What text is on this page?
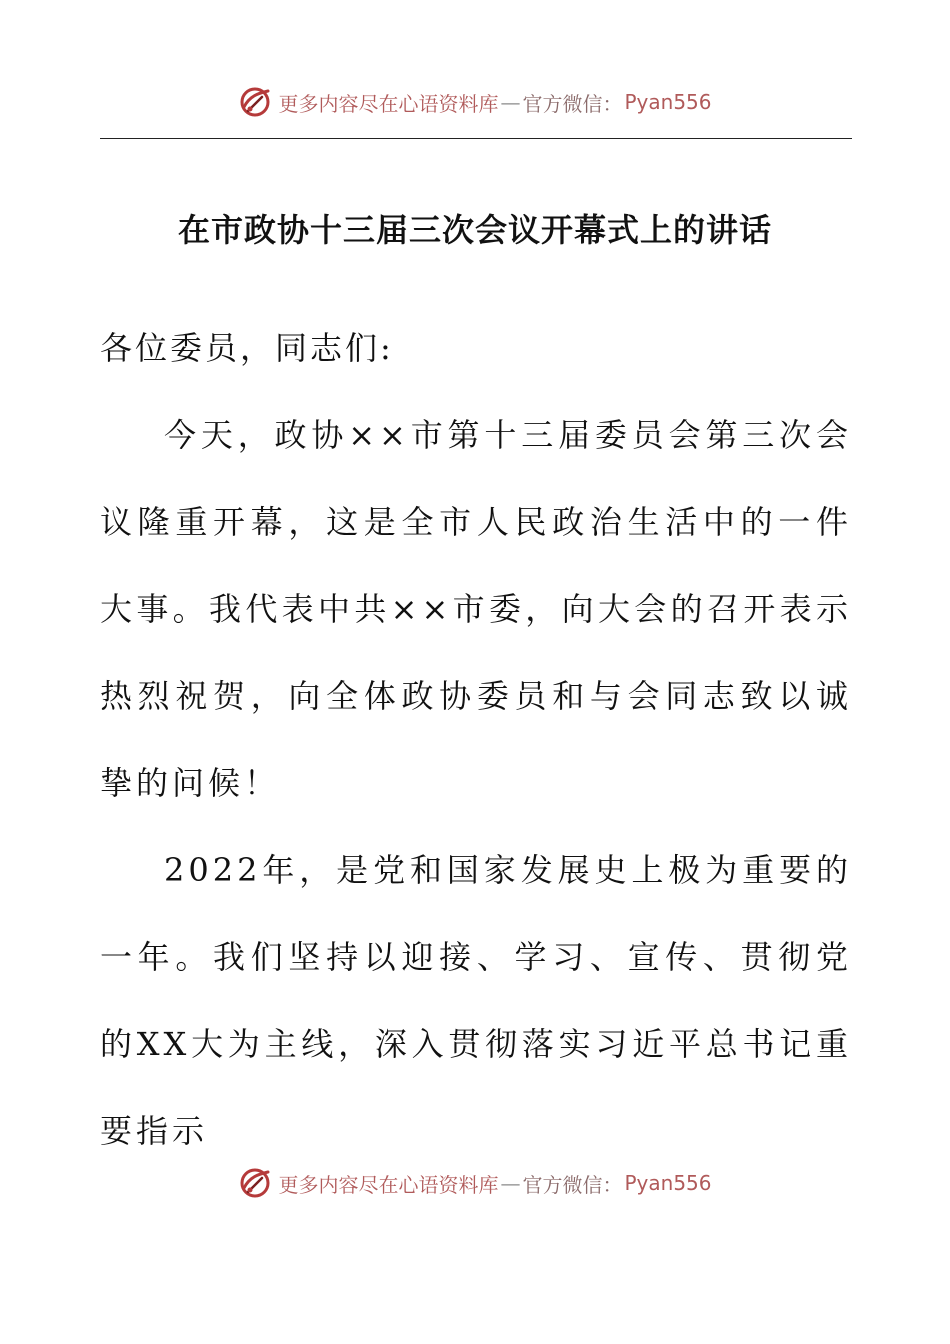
更多内容尽在心语资料库 — 官方微信： Pyan556
在市政协十三届三次会议开幕式上的讲话

各位委员，同志们:

今天，政协××市第十三届委员会第三次会议隆重开幕，这是全市人民政治生活中的一件大事。我代表中共××市委，向大会的召开表示热烈祝贺，向全体政协委员和与会同志致以诚挚的问候！

2022年，是党和国家发展史上极为重要的一年。我们坚持以迎接、学习、宣传、贯彻党的XX大为主线，深入贯彻落实习近平总书记重要指示

更多内容尽在心语资料库 — 官方微信： Pyan556
